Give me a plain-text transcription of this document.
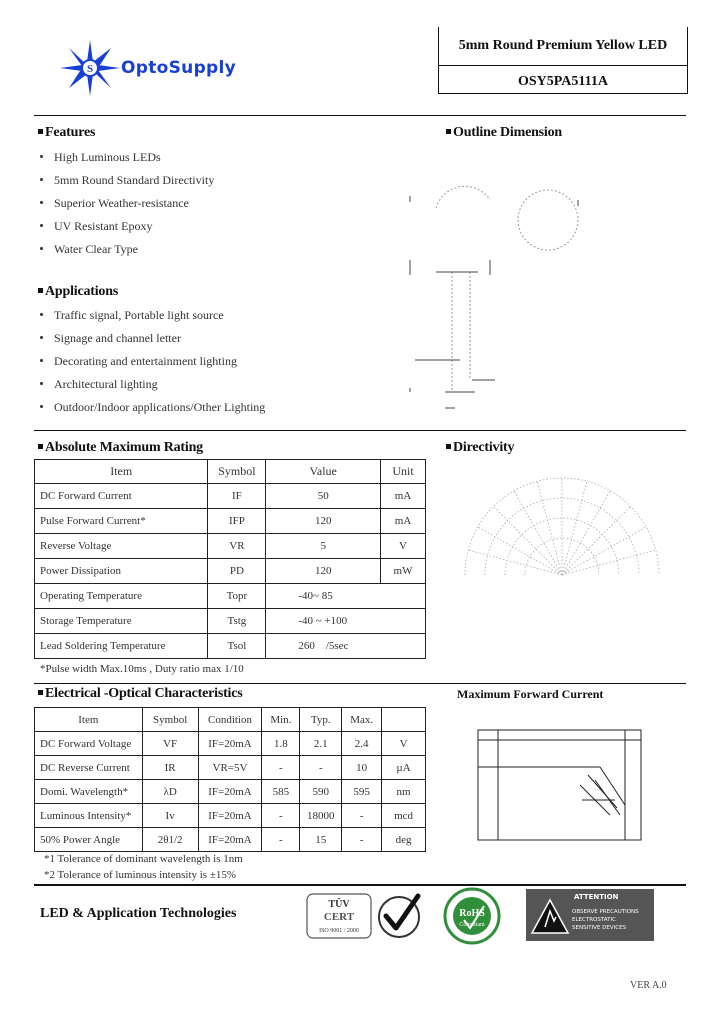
S OptoSupply
5mm Round Premium Yellow LED
OSY5PA5111A
Features
High Luminous LEDs
5mm Round Standard Directivity
Superior Weather-resistance
UV Resistant Epoxy
Water Clear Type
Applications
Traffic signal, Portable light source
Signage and channel letter
Decorating and entertainment lighting
Architectural lighting
Outdoor/Indoor applications/Other Lighting
Outline Dimension
Absolute Maximum Rating
Item	Symbol	Value	Unit
DC Forward Current	IF	50	mA
Pulse Forward Current*	IFP	120	mA
Reverse Voltage	VR	5	V
Power Dissipation	PD	120	mW
Operating Temperature	Topr	-40~ 85	
Storage Temperature	Tstg	-40 ~ +100	
Lead Soldering Temperature	Tsol	260    /5sec	
*Pulse width Max.10ms , Duty ratio max 1/10
Directivity
Electrical -Optical Characteristics
Item	Symbol	Condition	Min.	Typ.	Max.	
DC Forward Voltage	VF	IF=20mA	1.8	2.1	2.4	V
DC Reverse Current	IR	VR=5V	-	-	10	µA
Domi. Wavelength*	λD	IF=20mA	585	590	595	nm
Luminous Intensity*	Iv	IF=20mA	-	18000	-	mcd
50% Power Angle	2θ1/2	IF=20mA	-	15	-	deg
*1 Tolerance of dominant wavelength is 1nm
*2 Tolerance of luminous intensity is ±15%
Maximum Forward Current
LED & Application Technologies
TÜV
CERT
ISO 9001 / 2000
RoHS
Compliant
ATTENTION
OBSERVE PRECAUTIONS
ELECTROSTATIC
SENSITIVE DEVICES
VER A.0
